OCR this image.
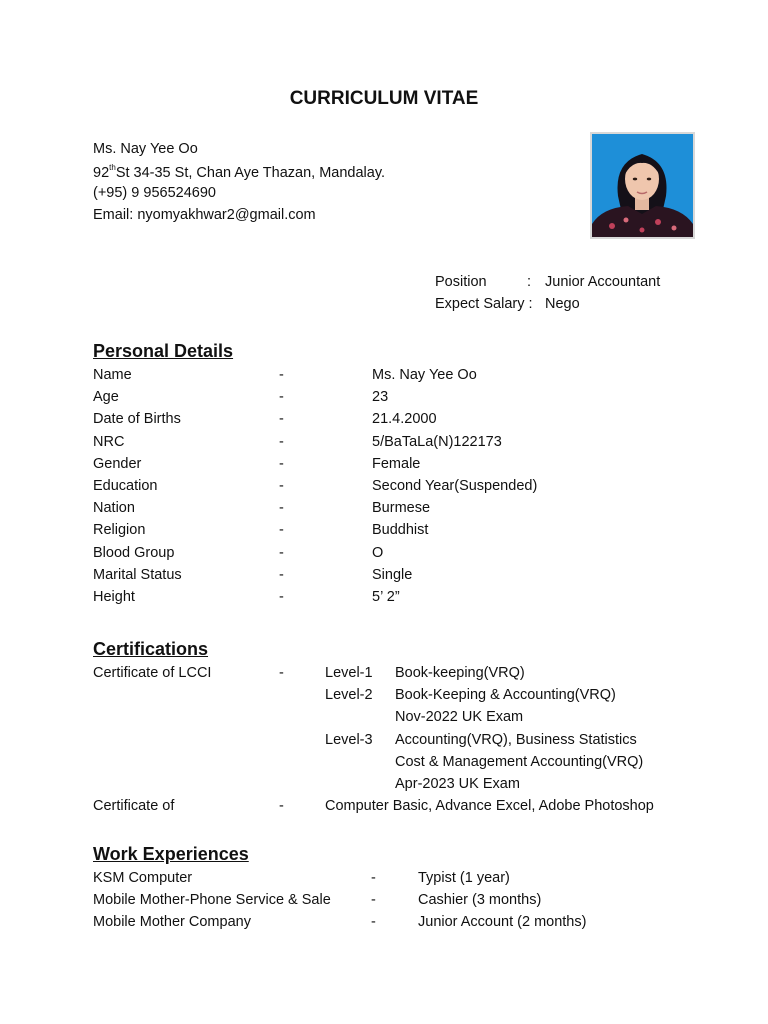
CURRICULUM VITAE
Ms. Nay Yee Oo
92thSt 34-35 St, Chan Aye Thazan, Mandalay.
(+95) 9 956524690
Email: nyomyakhwar2@gmail.com
Position	: Junior Accountant
Expect Salary : Nego
Personal Details
Name	-	Ms. Nay Yee Oo
Age	-	23
Date of Births	-	21.4.2000
NRC	-	5/BaTaLa(N)122173
Gender	-	Female
Education	-	Second Year(Suspended)
Nation	-	Burmese
Religion	-	Buddhist
Blood Group	-	O
Marital Status	-	Single
Height	-	5’ 2”
Certifications
Certificate of LCCI	-	Level-1 Book-keeping(VRQ)
Level-2 Book-Keeping & Accounting(VRQ)
Nov-2022 UK Exam
Level-3 Accounting(VRQ), Business Statistics
Cost & Management Accounting(VRQ)
Apr-2023 UK Exam
Certificate of	-	Computer Basic, Advance Excel, Adobe Photoshop
Work Experiences
KSM Computer	-	Typist (1 year)
Mobile Mother-Phone Service & Sale	-	Cashier (3 months)
Mobile Mother Company	-	Junior Account (2 months)
